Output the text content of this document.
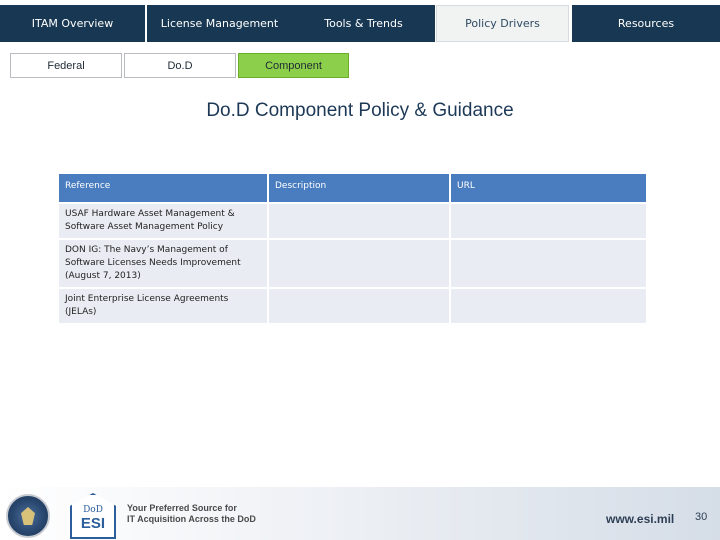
ITAM Overview	License Management	Tools & Trends	Policy Drivers	Resources
Federal	Do.D	Component
Do.D Component Policy & Guidance
Reference	Description	URL
USAF Hardware Asset Management & Software Asset Management Policy		
DON IG: The Navy’s Management of Software Licenses Needs Improvement (August 7, 2013)		
Joint Enterprise License Agreements (JELAs)		
DoD
ESI
Your Preferred Source for
IT Acquisition Across the DoD	www.esi.mil 30
